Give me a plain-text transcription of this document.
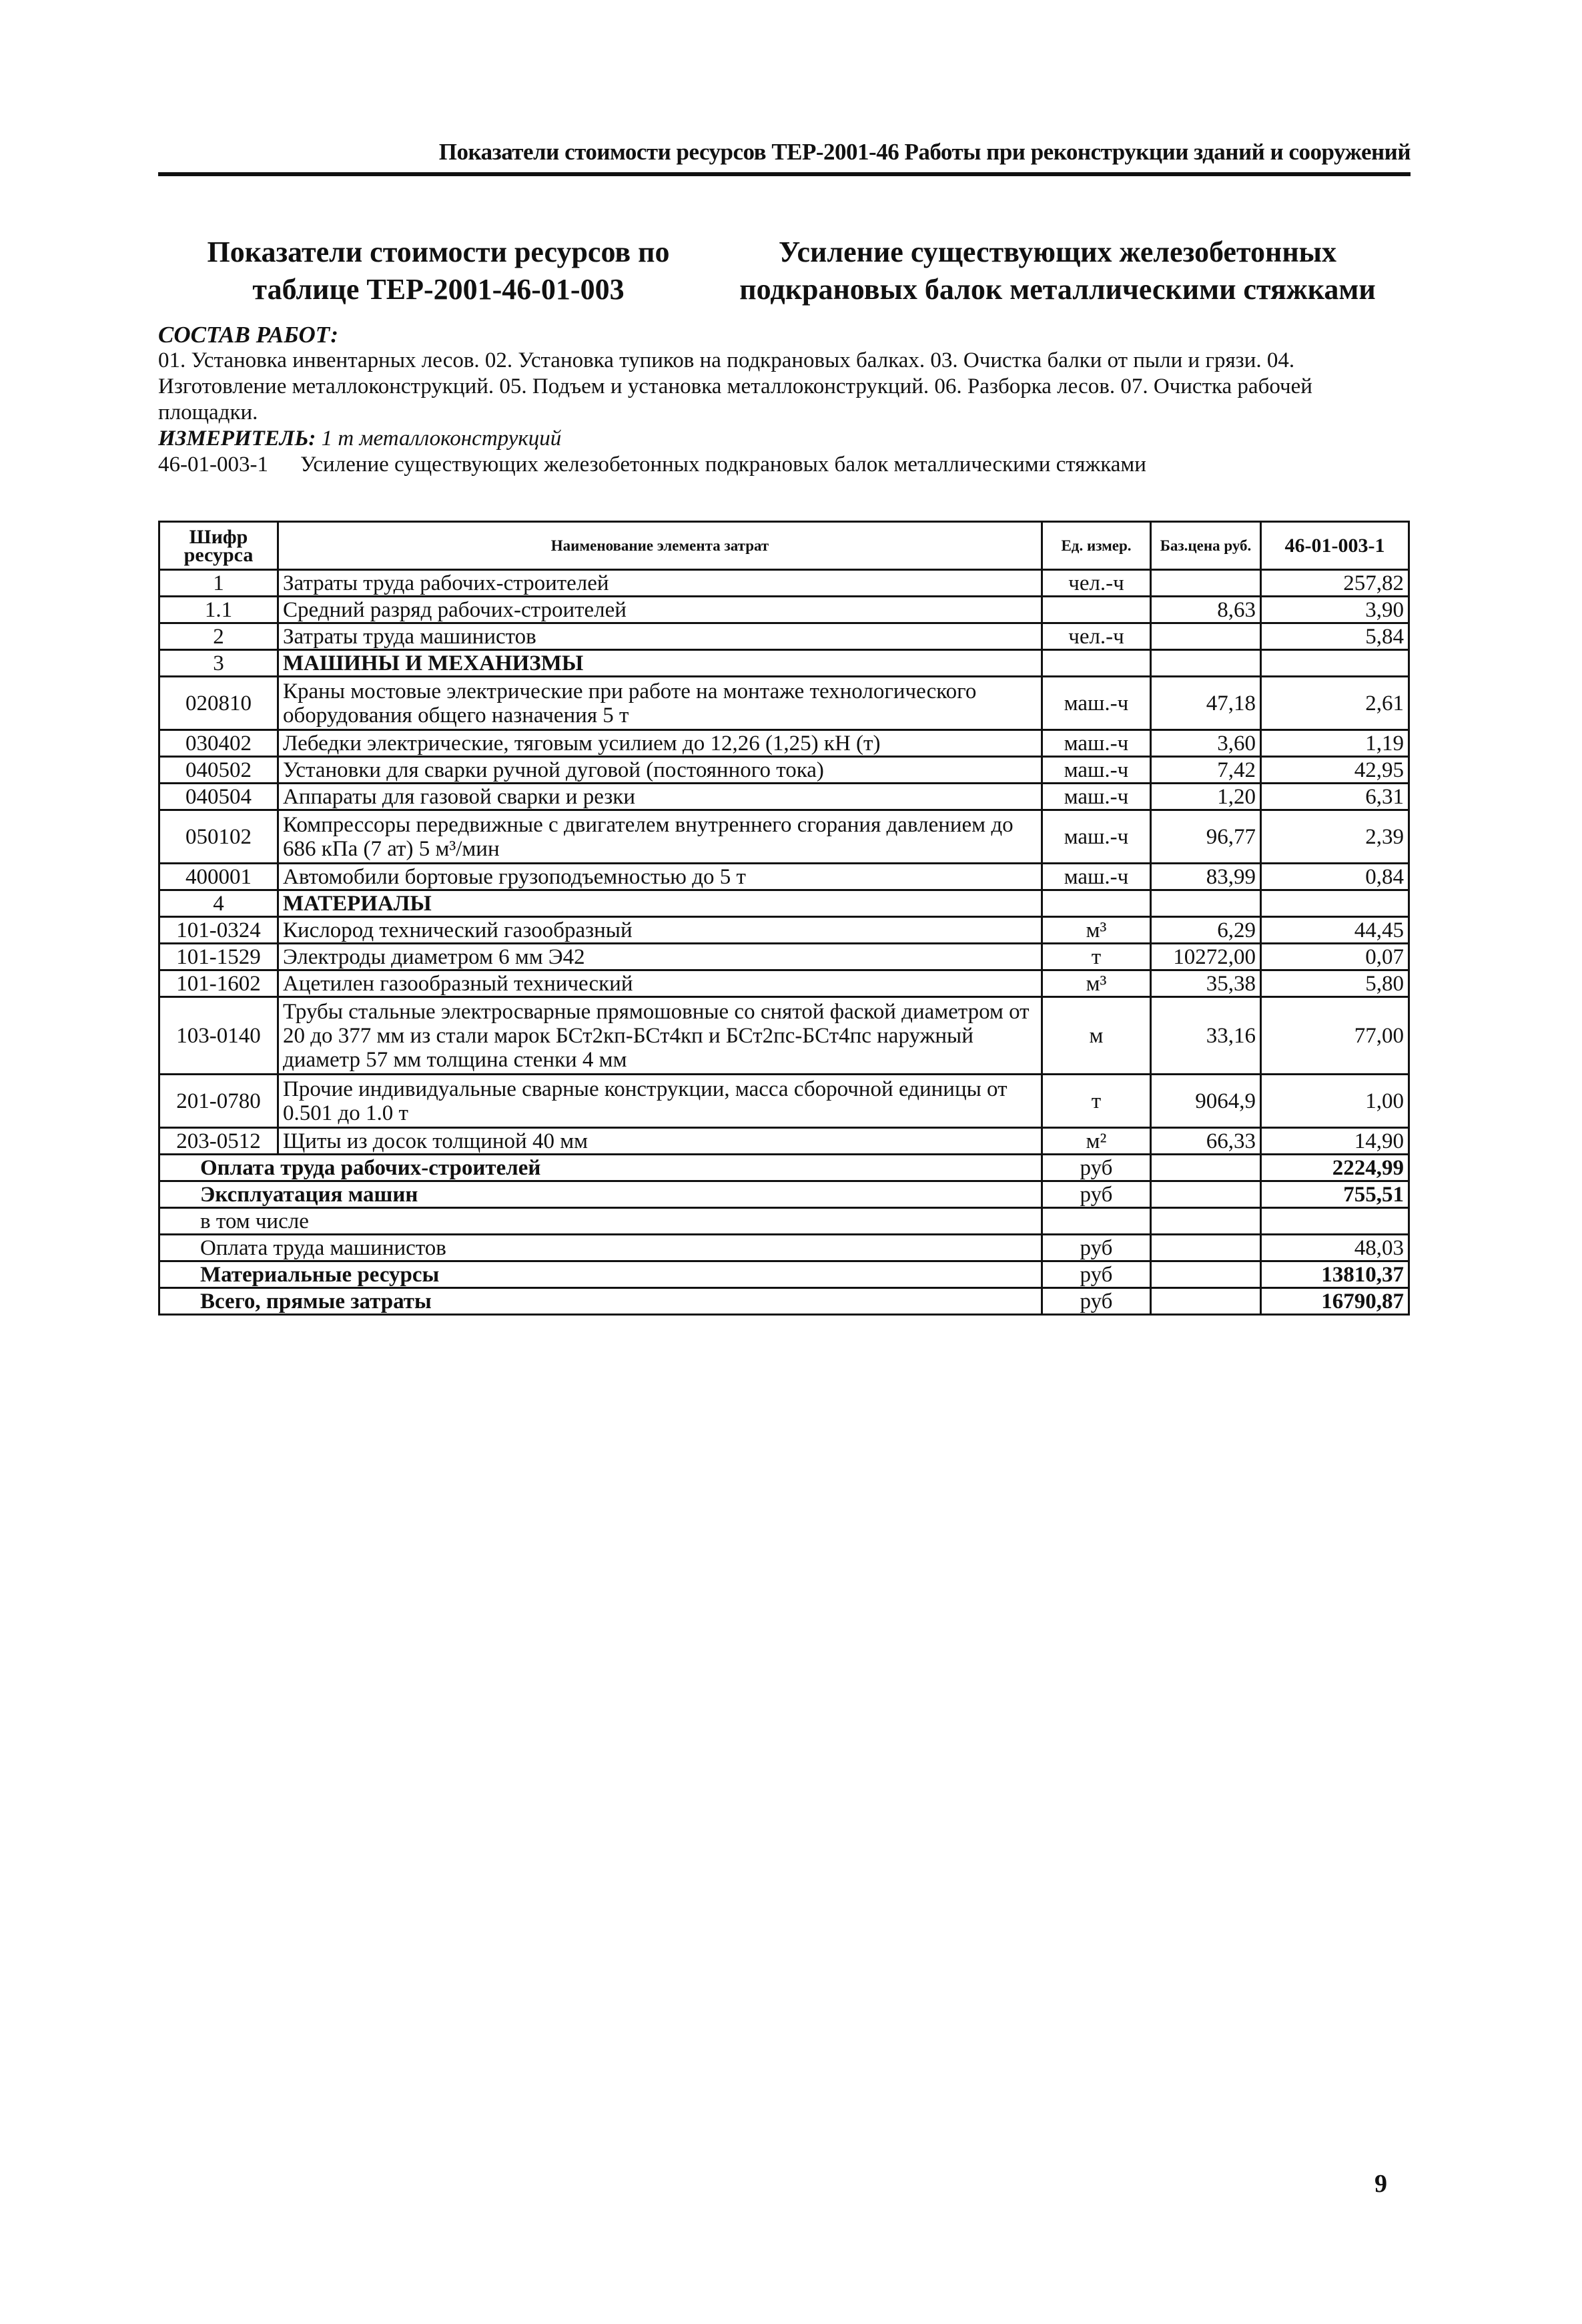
Показатели стоимости ресурсов ТЕР-2001-46 Работы при реконструкции зданий и сооружений
Показатели стоимости ресурсов по таблице ТЕР-2001-46-01-003
Усиление существующих железобетонных подкрановых балок металлическими стяжками
СОСТАВ РАБОТ:
01. Установка инвентарных лесов. 02. Установка тупиков на подкрановых балках. 03. Очистка балки от пыли и грязи. 04. Изготовление металлоконструкций. 05. Подъем и установка металлоконструкций. 06. Разборка лесов. 07. Очистка рабочей площадки.
ИЗМЕРИТЕЛЬ: 1 т металлоконструкций
46-01-003-1 Усиление существующих железобетонных подкрановых балок металлическими стяжками
Шифр ресурса	Наименование элемента затрат	Ед. измер.	Баз.цена руб.	46-01-003-1
1	Затраты труда рабочих-строителей	чел.-ч		257,82
1.1	Средний разряд рабочих-строителей		8,63	3,90
2	Затраты труда машинистов	чел.-ч		5,84
3	МАШИНЫ И МЕХАНИЗМЫ			
020810	Краны мостовые электрические при работе на монтаже технологического оборудования общего назначения 5 т	маш.-ч	47,18	2,61
030402	Лебедки электрические, тяговым усилием до 12,26 (1,25) кН (т)	маш.-ч	3,60	1,19
040502	Установки для сварки ручной дуговой (постоянного тока)	маш.-ч	7,42	42,95
040504	Аппараты для газовой сварки и резки	маш.-ч	1,20	6,31
050102	Компрессоры передвижные с двигателем внутреннего сгорания давлением до 686 кПа (7 ат) 5 м³/мин	маш.-ч	96,77	2,39
400001	Автомобили бортовые грузоподъемностью до 5 т	маш.-ч	83,99	0,84
4	МАТЕРИАЛЫ			
101-0324	Кислород технический газообразный	м³	6,29	44,45
101-1529	Электроды диаметром 6 мм Э42	т	10272,00	0,07
101-1602	Ацетилен газообразный технический	м³	35,38	5,80
103-0140	Трубы стальные электросварные прямошовные со снятой фаской диаметром от 20 до 377 мм из стали марок БСт2кп-БСт4кп и БСт2пс-БСт4пс наружный диаметр 57 мм толщина стенки 4 мм	м	33,16	77,00
201-0780	Прочие индивидуальные сварные конструкции, масса сборочной единицы от 0.501 до 1.0 т	т	9064,9	1,00
203-0512	Щиты из досок толщиной 40 мм	м²	66,33	14,90
Оплата труда рабочих-строителей		руб		2224,99
Эксплуатация машин		руб		755,51
в том числе				
Оплата труда машинистов		руб		48,03
Материальные ресурсы		руб		13810,37
Всего, прямые затраты		руб		16790,87
9
